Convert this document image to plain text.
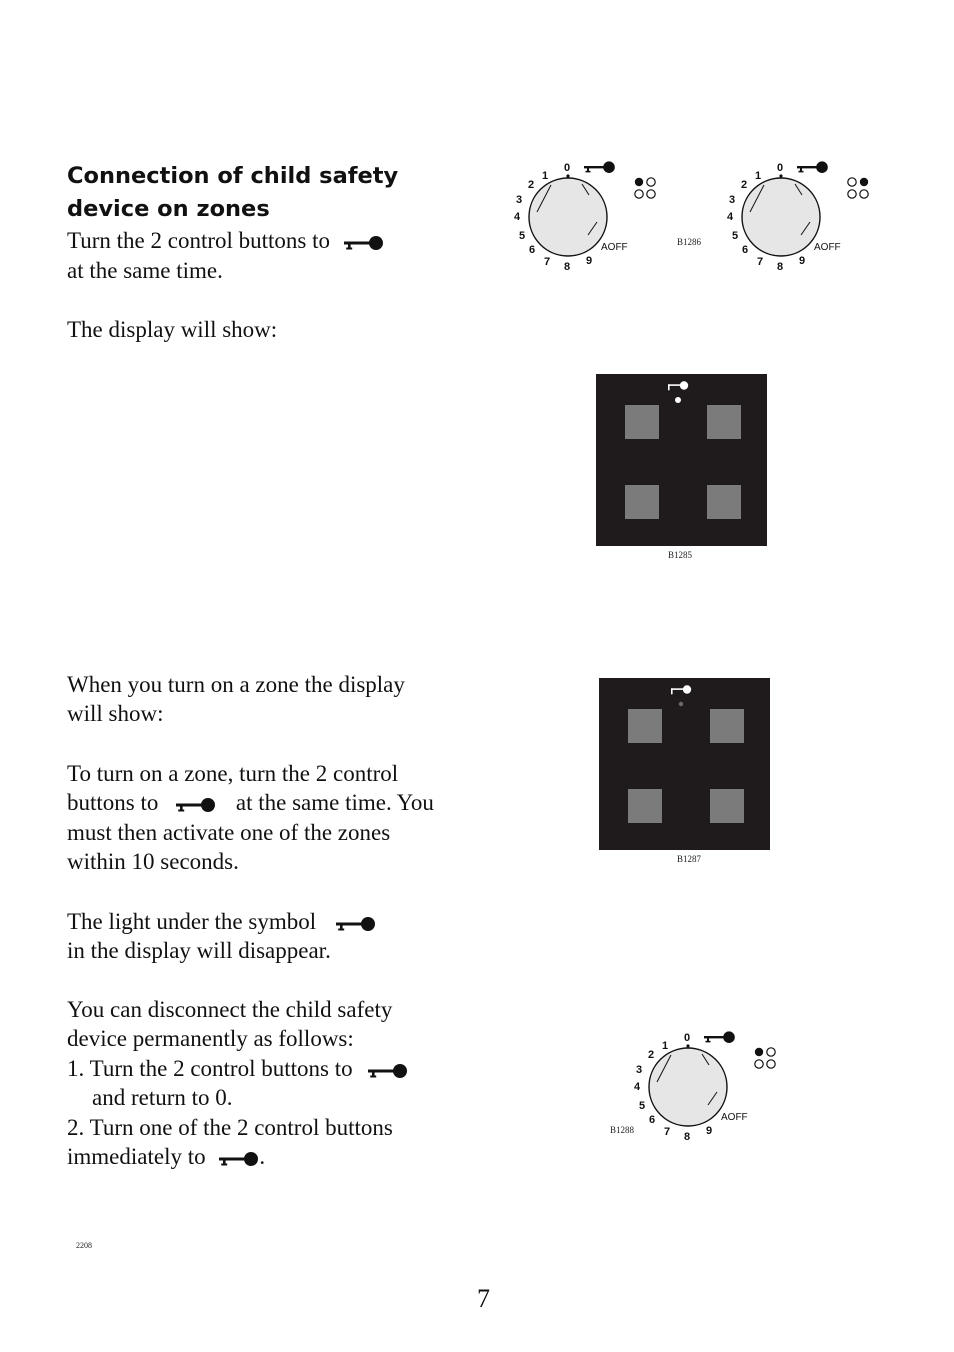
Connection of child safety
device on zones
Turn the 2 control buttons to
at the same time.
The display will show:
When you turn on a zone the display
will show:
To turn on a zone, turn the 2 control
buttons to	at the same time. You
must then activate one of the zones
within 10 seconds.
The light under the symbol
in the display will disappear.
You can disconnect the child safety
device permanently as follows:
1. Turn the 2 control buttons to
and return to 0.
2. Turn one of the 2 control buttons
immediately to .
0
1
2
3
4
5
6
7 8 9
AOFF	B1286
0
1
2
3
4
5
6
7 8 9
AOFF
B1285
B1287
0
1
2
3
4
5
6
7 8 9
AOFF
B1288
2208
7
